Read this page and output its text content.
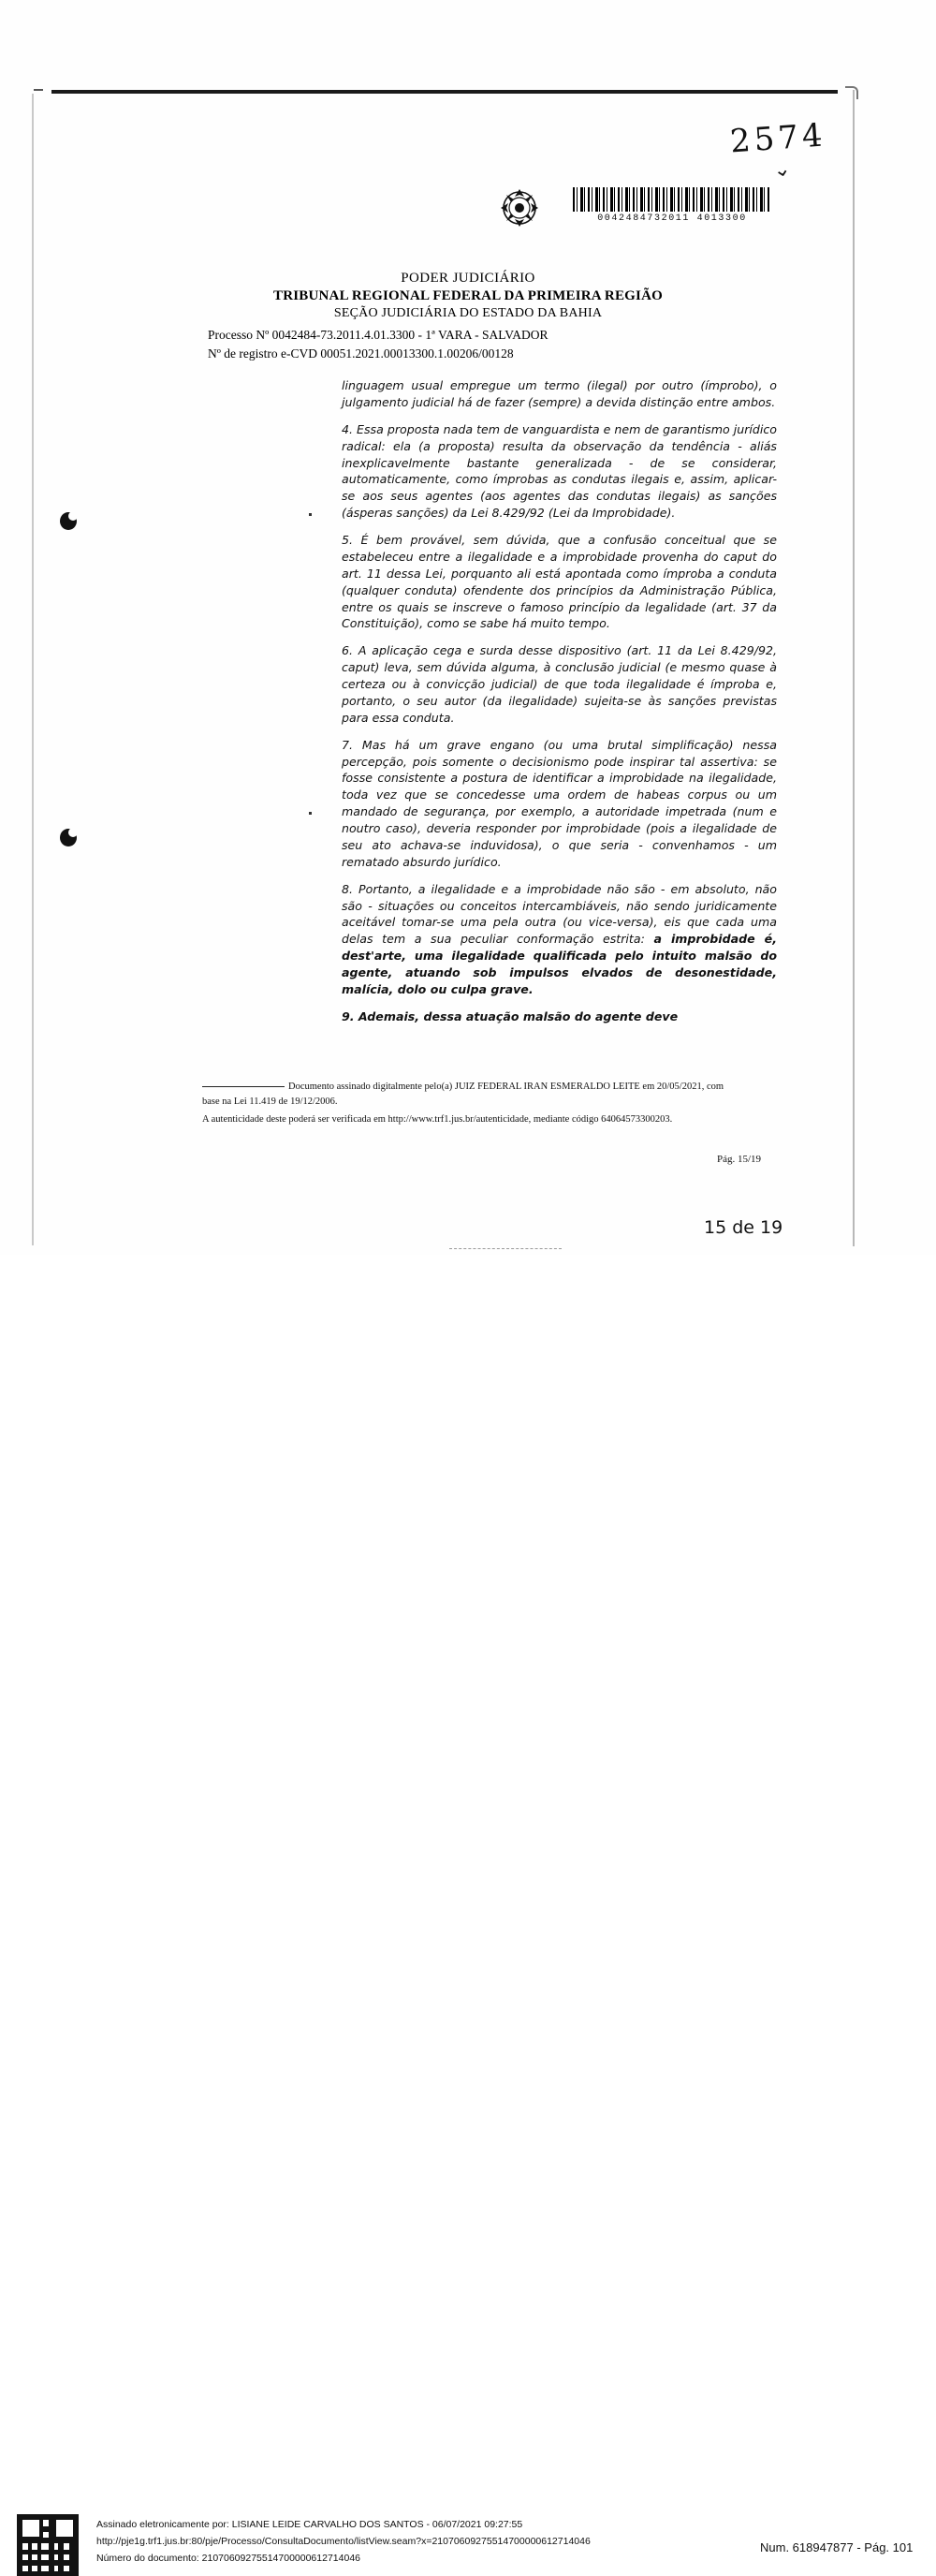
2574
⌄
0042484732011 4013300
PODER JUDICIÁRIO
TRIBUNAL REGIONAL FEDERAL DA PRIMEIRA REGIÃO
SEÇÃO JUDICIÁRIA DO ESTADO DA BAHIA
Processo Nº 0042484-73.2011.4.01.3300 - 1ª VARA - SALVADOR
Nº de registro e-CVD 00051.2021.00013300.1.00206/00128

linguagem usual empregue um termo (ilegal) por outro (ímprobo), o julgamento judicial há de fazer (sempre) a devida distinção entre ambos.

4. Essa proposta nada tem de vanguardista e nem de garantismo jurídico radical: ela (a proposta) resulta da observação da tendência - aliás inexplicavelmente bastante generalizada - de se considerar, automaticamente, como ímprobas as condutas ilegais e, assim, aplicar-se aos seus agentes (aos agentes das condutas ilegais) as sanções (ásperas sanções) da Lei 8.429/92 (Lei da Improbidade).

5. É bem provável, sem dúvida, que a confusão conceitual que se estabeleceu entre a ilegalidade e a improbidade provenha do caput do art. 11 dessa Lei, porquanto ali está apontada como ímproba a conduta (qualquer conduta) ofendente dos princípios da Administração Pública, entre os quais se inscreve o famoso princípio da legalidade (art. 37 da Constituição), como se sabe há muito tempo.

6. A aplicação cega e surda desse dispositivo (art. 11 da Lei 8.429/92, caput) leva, sem dúvida alguma, à conclusão judicial (e mesmo quase à certeza ou à convicção judicial) de que toda ilegalidade é ímproba e, portanto, o seu autor (da ilegalidade) sujeita-se às sanções previstas para essa conduta.

7. Mas há um grave engano (ou uma brutal simplificação) nessa percepção, pois somente o decisionismo pode inspirar tal assertiva: se fosse consistente a postura de identificar a improbidade na ilegalidade, toda vez que se concedesse uma ordem de habeas corpus ou um mandado de segurança, por exemplo, a autoridade impetrada (num e noutro caso), deveria responder por improbidade (pois a ilegalidade de seu ato achava-se induvidosa), o que seria - convenhamos - um rematado absurdo jurídico.

8. Portanto, a ilegalidade e a improbidade não são - em absoluto, não são - situações ou conceitos intercambiáveis, não sendo juridicamente aceitável tomar-se uma pela outra (ou vice-versa), eis que cada uma delas tem a sua peculiar conformação estrita: a improbidade é, dest'arte, uma ilegalidade qualificada pelo intuito malsão do agente, atuando sob impulsos elvados de desonestidade, malícia, dolo ou culpa grave.

9. Ademais, dessa atuação malsão do agente deve

Documento assinado digitalmente pelo(a) JUIZ FEDERAL IRAN ESMERALDO LEITE em 20/05/2021, com
base na Lei 11.419 de 19/12/2006.
A autenticidade deste poderá ser verificada em http://www.trf1.jus.br/autenticidade, mediante código 64064573300203.
Pág. 15/19
15 de 19
Assinado eletronicamente por: LISIANE LEIDE CARVALHO DOS SANTOS - 06/07/2021 09:27:55
http://pje1g.trf1.jus.br:80/pje/Processo/ConsultaDocumento/listView.seam?x=21070609275514700000612714046
Número do documento: 21070609275514700000612714046
Num. 618947877 - Pág. 101
